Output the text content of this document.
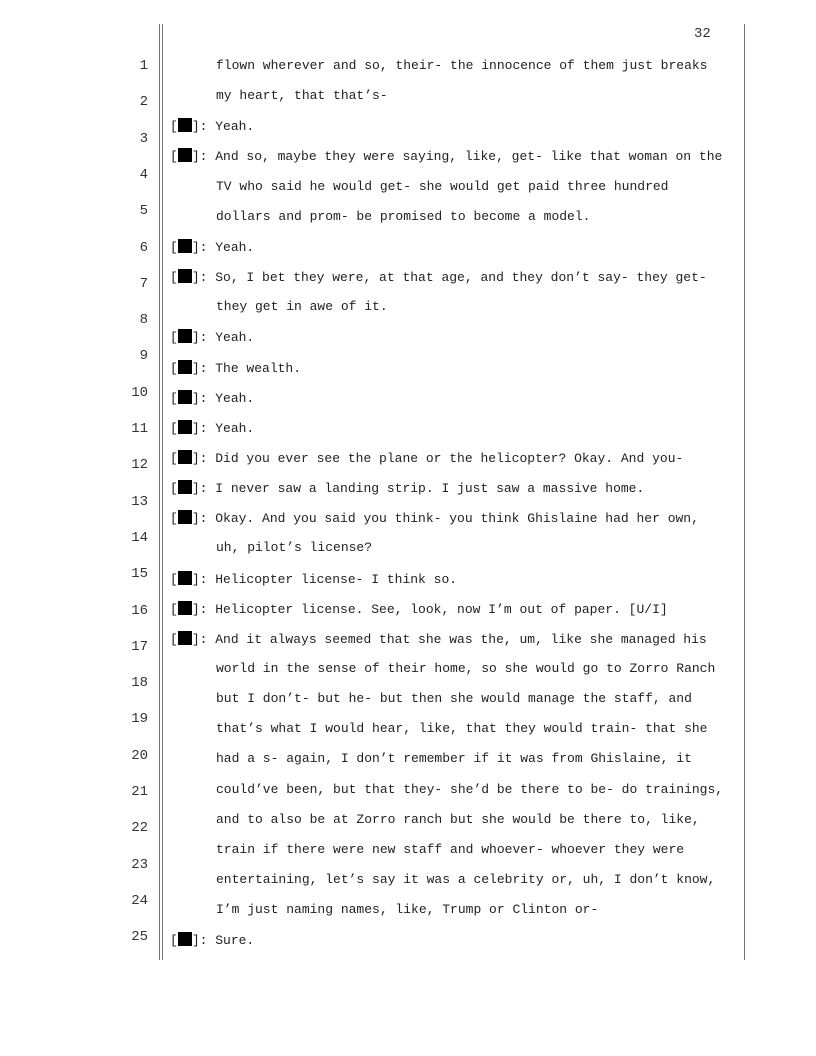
32
1
2
3
4
5
6
7
8
9
10
11
12
13
14
15
16
17
18
19
20
21
22
23
24
25
flown wherever and so, their- the innocence of them just breaks
my heart, that that’s-
[ ]: Yeah.
[ ]: And so, maybe they were saying, like, get- like that woman on the
TV who said he would get- she would get paid three hundred
dollars and prom- be promised to become a model.
[ ]: Yeah.
[ ]: So, I bet they were, at that age, and they don’t say- they get-
they get in awe of it.
[ ]: Yeah.
[ ]: The wealth.
[ ]: Yeah.
[ ]: Yeah.
[ ]: Did you ever see the plane or the helicopter? Okay. And you-
[ ]: I never saw a landing strip. I just saw a massive home.
[ ]: Okay. And you said you think- you think Ghislaine had her own,
uh, pilot’s license?
[ ]: Helicopter license- I think so.
[ ]: Helicopter license. See, look, now I’m out of paper. [U/I]
[ ]: And it always seemed that she was the, um, like she managed his
world in the sense of their home, so she would go to Zorro Ranch
but I don’t- but he- but then she would manage the staff, and
that’s what I would hear, like, that they would train- that she
had a s- again, I don’t remember if it was from Ghislaine, it
could’ve been, but that they- she’d be there to be- do trainings,
and to also be at Zorro ranch but she would be there to, like,
train if there were new staff and whoever- whoever they were
entertaining, let’s say it was a celebrity or, uh, I don’t know,
I’m just naming names, like, Trump or Clinton or-
[ ]: Sure.
